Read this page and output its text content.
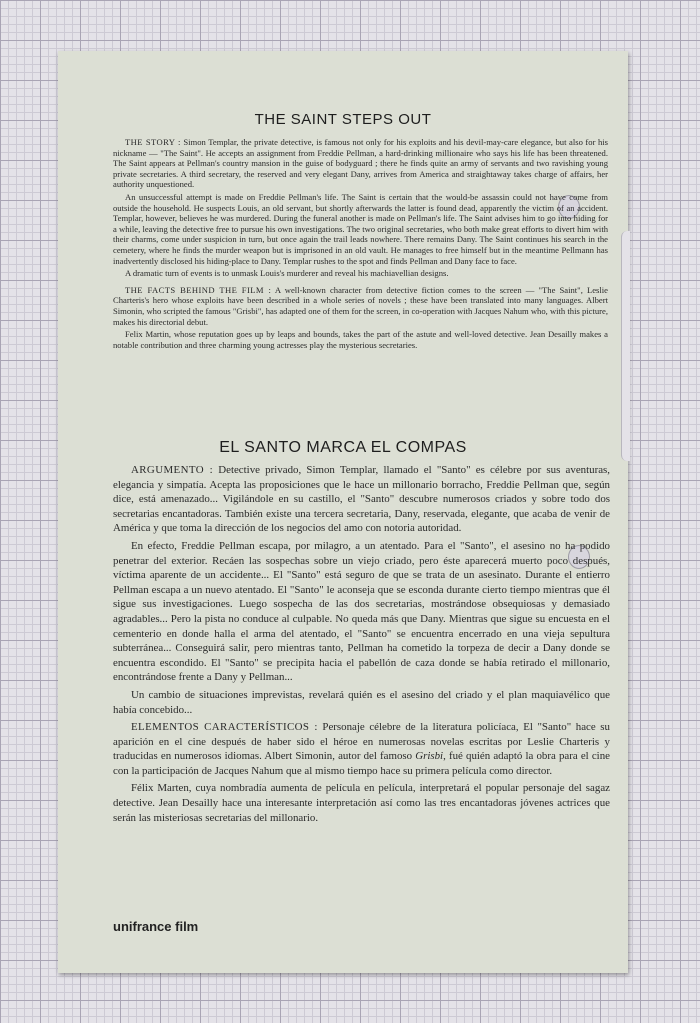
THE SAINT STEPS OUT

THE STORY : Simon Templar, the private detective, is famous not only for his exploits and his devil-may-care elegance, but also for his nickname — "The Saint". He accepts an assignment from Freddie Pellman, a hard-drinking millionaire who says his life has been threatened. The Saint appears at Pellman's country mansion in the guise of bodyguard ; there he finds quite an army of servants and two ravishing young private secretaries. A third secretary, the reserved and very elegant Dany, arrives from America and straightaway takes charge of affairs, her authority unquestioned.

An unsuccessful attempt is made on Freddie Pellman's life. The Saint is certain that the would-be assassin could not have come from outside the household. He suspects Louis, an old servant, but shortly afterwards the latter is found dead, apparently the victim of an accident. Templar, however, believes he was murdered. During the funeral another is made on Pellman's life. The Saint advises him to go into hiding for a while, leaving the detective free to pursue his own investigations. The two original secretaries, who both make great efforts to divert him with their charms, come under suspicion in turn, but once again the trail leads nowhere. There remains Dany. The Saint continues his search in the cemetery, where he finds the murder weapon but is imprisoned in an old vault. He manages to free himself but in the meantime Pellmann has inadvertently disclosed his hiding-place to Dany. Templar rushes to the spot and finds Pellman and Dany face to face.

A dramatic turn of events is to unmask Louis's murderer and reveal his machiavellian designs.

THE FACTS BEHIND THE FILM : A well-known character from detective fiction comes to the screen — "The Saint", Leslie Charteris's hero whose exploits have been described in a whole series of novels ; these have been translated into many languages. Albert Simonin, who scripted the famous "Grisbi", has adapted one of them for the screen, in co-operation with Jacques Nahum who, with this picture, makes his directorial debut.

Felix Martin, whose reputation goes up by leaps and bounds, takes the part of the astute and well-loved detective. Jean Desailly makes a notable contribution and three charming young actresses play the mysterious secretaries.

EL SANTO MARCA EL COMPAS

ARGUMENTO : Detective privado, Simon Templar, llamado el "Santo" es célebre por sus aventuras, elegancia y simpatía. Acepta las proposiciones que le hace un millonario borracho, Freddie Pellman que, según dice, está amenazado... Vigilándole en su castillo, el "Santo" descubre numerosos criados y sobre todo dos secretarias encantadoras. También existe una tercera secretaria, Dany, reservada, elegante, que acaba de venir de América y que toma la dirección de los negocios del amo con notoria autoridad.

En efecto, Freddie Pellman escapa, por milagro, a un atentado. Para el "Santo", el asesino no ha podido penetrar del exterior. Recáen las sospechas sobre un viejo criado, pero éste aparecerá muerto poco después, víctima aparente de un accidente... El "Santo" está seguro de que se trata de un asesinato. Durante el entierro Pellman escapa a un nuevo atentado. El "Santo" le aconseja que se esconda durante cierto tiempo mientras que él sigue sus investigaciones. Luego sospecha de las dos secretarias, mostrándose obsequiosas y demasiado agradables... Pero la pista no conduce al culpable. No queda más que Dany. Mientras que sigue su encuesta en el cementerio en donde halla el arma del atentado, el "Santo" se encuentra encerrado en una vieja sepultura subterránea... Conseguirá salir, pero mientras tanto, Pellman ha cometido la torpeza de decir a Dany donde se encuentra escondido. El "Santo" se precipita hacia el pabellón de caza donde se había retirado el millonario, encontrándose frente a Dany y Pellman...

Un cambio de situaciones imprevistas, revelará quién es el asesino del criado y el plan maquiavélico que había concebido...

ELEMENTOS CARACTERÍSTICOS : Personaje célebre de la literatura policíaca, El "Santo" hace su aparición en el cine después de haber sido el héroe en numerosas novelas escritas por Leslie Charteris y traducidas en numerosos idiomas. Albert Simonin, autor del famoso Grisbi, fué quién adaptó la obra para el cine con la participación de Jacques Nahum que al mismo tiempo hace su primera película como director.

Félix Marten, cuya nombradía aumenta de película en película, interpretará el popular personaje del sagaz detective. Jean Desailly hace una interesante interpretación así como las tres encantadoras jóvenes actrices que serán las misteriosas secretarias del millonario.

unifrance film
